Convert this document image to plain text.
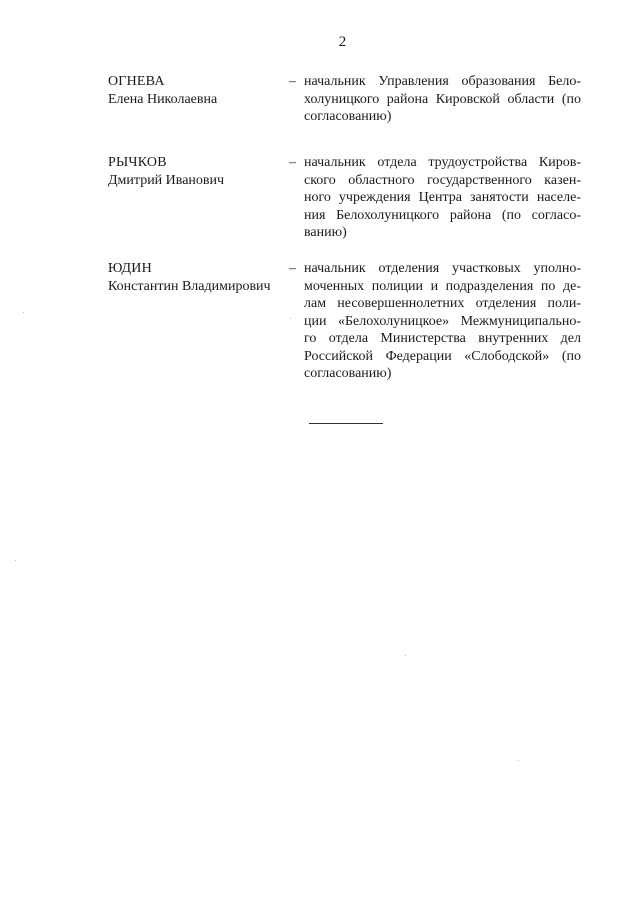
2
ОГНЕВА
Елена Николаевна
– начальник Управления образования Бело-
холуницкого района Кировской области (по
согласованию)
РЫЧКОВ
Дмитрий Иванович
– начальник отдела трудоустройства Киров-
ского областного государственного казен-
ного учреждения Центра занятости населе-
ния Белохолуницкого района (по согласо-
ванию)
ЮДИН
Константин Владимирович
– начальник отделения участковых уполно-
моченных полиции и подразделения по де-
лам несовершеннолетних отделения поли-
ции «Белохолуницкое» Межмуниципально-
го отдела Министерства внутренних дел
Российской Федерации «Слободской» (по
согласованию)
